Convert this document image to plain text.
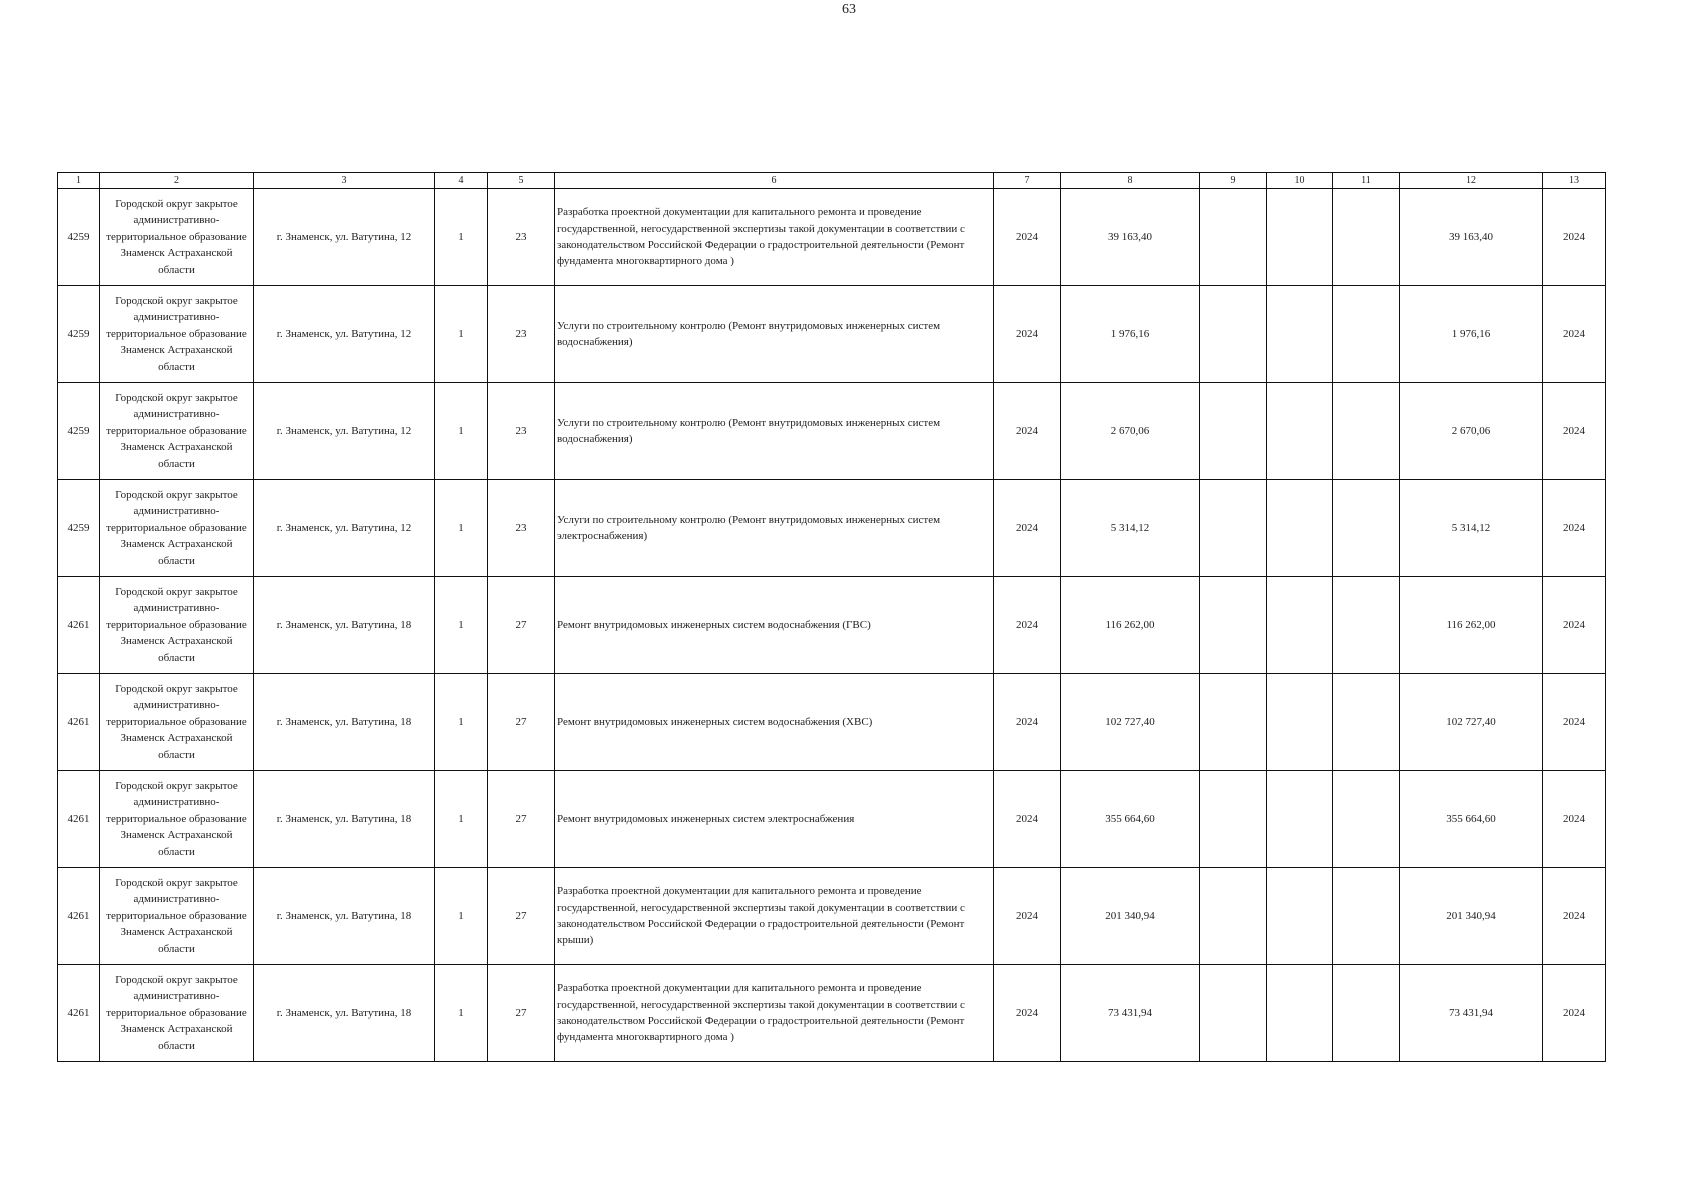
63
1	2	3	4	5	6	7	8	9	10	11	12	13
4259	Городской округ закрытое административно-территориальное образование Знаменск Астраханской области	г. Знаменск, ул. Ватутина, 12	1	23	Разработка проектной документации для капитального ремонта и проведение государственной, негосударственной экспертизы такой документации в соответствии с законодательством Российской Федерации о градостроительной деятельности (Ремонт фундамента многоквартирного дома )	2024	39 163,40				39 163,40	2024
4259	Городской округ закрытое административно-территориальное образование Знаменск Астраханской области	г. Знаменск, ул. Ватутина, 12	1	23	Услуги по строительному контролю (Ремонт внутридомовых инженерных систем водоснабжения)	2024	1 976,16				1 976,16	2024
4259	Городской округ закрытое административно-территориальное образование Знаменск Астраханской области	г. Знаменск, ул. Ватутина, 12	1	23	Услуги по строительному контролю (Ремонт внутридомовых инженерных систем водоснабжения)	2024	2 670,06				2 670,06	2024
4259	Городской округ закрытое административно-территориальное образование Знаменск Астраханской области	г. Знаменск, ул. Ватутина, 12	1	23	Услуги по строительному контролю (Ремонт внутридомовых инженерных систем электроснабжения)	2024	5 314,12				5 314,12	2024
4261	Городской округ закрытое административно-территориальное образование Знаменск Астраханской области	г. Знаменск, ул. Ватутина, 18	1	27	Ремонт внутридомовых инженерных систем водоснабжения (ГВС)	2024	116 262,00				116 262,00	2024
4261	Городской округ закрытое административно-территориальное образование Знаменск Астраханской области	г. Знаменск, ул. Ватутина, 18	1	27	Ремонт внутридомовых инженерных систем водоснабжения (ХВС)	2024	102 727,40				102 727,40	2024
4261	Городской округ закрытое административно-территориальное образование Знаменск Астраханской области	г. Знаменск, ул. Ватутина, 18	1	27	Ремонт внутридомовых инженерных систем электроснабжения	2024	355 664,60				355 664,60	2024
4261	Городской округ закрытое административно-территориальное образование Знаменск Астраханской области	г. Знаменск, ул. Ватутина, 18	1	27	Разработка проектной документации для капитального ремонта и проведение государственной, негосударственной экспертизы такой документации в соответствии с законодательством Российской Федерации о градостроительной деятельности (Ремонт крыши)	2024	201 340,94				201 340,94	2024
4261	Городской округ закрытое административно-территориальное образование Знаменск Астраханской области	г. Знаменск, ул. Ватутина, 18	1	27	Разработка проектной документации для капитального ремонта и проведение государственной, негосударственной экспертизы такой документации в соответствии с законодательством Российской Федерации о градостроительной деятельности (Ремонт фундамента многоквартирного дома )	2024	73 431,94				73 431,94	2024
